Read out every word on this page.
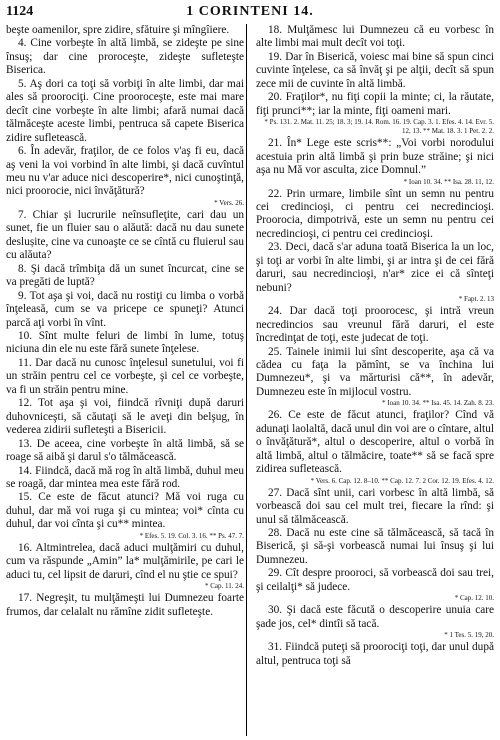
1124	1 CORINTENI 14.
beşte oamenilor, spre zidire, sfătuire şi mîngîiere.
4. Cine vorbeşte în altă limbă, se zideşte pe sine însuş; dar cine proroceşte, zideşte sufleteşte Biserica.
5. Aş dori ca toţi să vorbiţi în alte limbi, dar mai ales să proorociţi. Cine prooroceşte, este mai mare decît cine vorbeşte în alte limbi; afară numai dacă tălmăceşte aceste limbi, pentruca să capete Biserica zidire sufletească.
6. În adevăr, fraţilor, de ce folos v'aş fi eu, dacă aş veni la voi vorbind în alte limbi, şi dacă cuvîntul meu nu v'ar aduce nici descoperire*, nici cunoştinţă, nici proorocie, nici învăţătură?
* Vers. 26.
7. Chiar şi lucrurile neînsufleţite, cari dau un sunet, fie un fluier sau o alăută: dacă nu dau sunete deslușite, cine va cunoaşte ce se cîntă cu fluierul sau cu alăuta?
8. Şi dacă trîmbiţa dă un sunet încurcat, cine se va pregăti de luptă?
9. Tot aşa şi voi, dacă nu rostiţi cu limba o vorbă înţeleasă, cum se va pricepe ce spuneţi? Atunci parcă aţi vorbi în vînt.
10. Sînt multe feluri de limbi în lume, totuş niciuna din ele nu este fără sunete înţelese.
11. Dar dacă nu cunosc înţelesul sunetului, voi fi un străin pentru cel ce vorbeşte, şi cel ce vorbeşte, va fi un străin pentru mine.
12. Tot aşa şi voi, fiindcă rîvniţi după daruri duhovniceşti, să căutaţi să le aveţi din belşug, în vederea zidirii sufleteşti a Bisericii.
13. De aceea, cine vorbeşte în altă limbă, să se roage să aibă şi darul s'o tălmăcească.
14. Fiindcă, dacă mă rog în altă limbă, duhul meu se roagă, dar mintea mea este fără rod.
15. Ce este de făcut atunci? Mă voi ruga cu duhul, dar mă voi ruga şi cu mintea; voi* cînta cu duhul, dar voi cînta şi cu** mintea.
* Efes. 5. 19. Col. 3. 16. ** Ps. 47. 7.
16. Altmintrelea, dacă aduci mulţămiri cu duhul, cum va răspunde „Amin” la* mulţămirile, pe cari le aduci tu, cel lipsit de daruri, cînd el nu ştie ce spui?
* Cap. 11. 24.
17. Negreşit, tu mulţămeşti lui Dumnezeu foarte frumos, dar celalalt nu rămîne zidit sufleteşte.
18. Mulţămesc lui Dumnezeu că eu vorbesc în alte limbi mai mult decît voi toţi.
19. Dar în Biserică, voiesc mai bine să spun cinci cuvinte înţelese, ca să învăţ şi pe alţii, decît să spun zece mii de cuvinte în altă limbă.
20. Fraţilor*, nu fiţi copii la minte; ci, la răutate, fiţi prunci**; iar la minte, fiţi oameni mari.
* Ps. 131. 2. Mat. 11. 25; 18. 3; 19. 14. Rom. 16. 19. Cap. 3. 1. Efes. 4. 14. Evr. 5. 12, 13. ** Mat. 18. 3. 1 Pet. 2. 2.
21. În* Lege este scris**: „Voi vorbi norodului acestuia prin altă limbă şi prin buze străine; şi nici aşa nu Mă vor asculta, zice Domnul.”
* Ioan 10. 34. ** Isa. 28. 11, 12.
22. Prin urmare, limbile sînt un semn nu pentru cei credincioşi, ci pentru cei necredincioşi. Proorocia, dimpotrivă, este un semn nu pentru cei necredincioşi, ci pentru cei credincioşi.
23. Deci, dacă s'ar aduna toată Biserica la un loc, şi toţi ar vorbi în alte limbi, şi ar intra şi de cei fără daruri, sau necredincioşi, n'ar* zice ei că sînteţi nebuni?
* Fapt. 2. 13
24. Dar dacă toţi proorocesc, şi intră vreun necredincios sau vreunul fără daruri, el este încredinţat de toţi, este judecat de toţi.
25. Tainele inimii lui sînt descoperite, aşa că va cădea cu faţa la pămînt, se va închina lui Dumnezeu*, şi va mărturisi că**, în adevăr, Dumnezeu este în mijlocul vostru.
* Ioan 10. 34. ** Isa. 45. 14. Zah. 8. 23.
26. Ce este de făcut atunci, fraţilor? Cînd vă adunaţi laolaltă, dacă unul din voi are o cîntare, altul o învăţătură*, altul o descoperire, altul o vorbă în altă limbă, altul o tălmăcire, toate** să se facă spre zidirea sufletească.
* Vers. 6. Cap. 12. 8–10. ** Cap. 12. 7. 2 Cor. 12. 19. Efes. 4. 12.
27. Dacă sînt unii, cari vorbesc în altă limbă, să vorbească doi sau cel mult trei, fiecare la rînd: şi unul să tălmăcească.
28. Dacă nu este cine să tălmăcească, să tacă în Biserică, şi să-şi vorbească numai lui însuş şi lui Dumnezeu.
29. Cît despre prooroci, să vorbească doi sau trei, şi ceilalţi* să judece.
* Cap. 12. 10.
30. Şi dacă este făcută o descoperire unuia care şade jos, cel* dintîi să tacă.
* 1 Tes. 5. 19, 20.
31. Fiindcă puteţi să proorociţi toţi, dar unul după altul, pentruca toţi să
